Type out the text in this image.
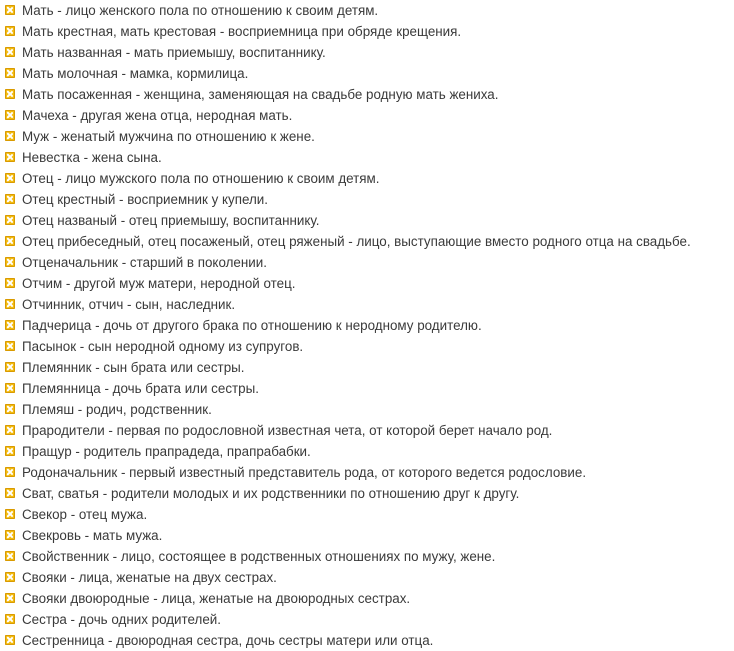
Мать - лицо женского пола по отношению к своим детям.
Мать крестная, мать крестовая - восприемница при обряде крещения.
Мать названная - мать приемышу, воспитаннику.
Мать молочная - мамка, кормилица.
Мать посаженная - женщина, заменяющая на свадьбе родную мать жениха.
Мачеха - другая жена отца, неродная мать.
Муж - женатый мужчина по отношению к жене.
Невестка - жена сына.
Отец - лицо мужского пола по отношению к своим детям.
Отец крестный - восприемник у купели.
Отец названый - отец приемышу, воспитаннику.
Отец прибеседный, отец посаженый, отец ряженый - лицо, выступающие вместо родного отца на свадьбе.
Отценачальник - старший в поколении.
Отчим - другой муж матери, неродной отец.
Отчинник, отчич - сын, наследник.
Падчерица - дочь от другого брака по отношению к неродному родителю.
Пасынок - сын неродной одному из супругов.
Племянник - сын брата или сестры.
Племянница - дочь брата или сестры.
Племяш - родич, родственник.
Прародители - первая по родословной известная чета, от которой берет начало род.
Пращур - родитель прапрадеда, прапрабабки.
Родоначальник - первый известный представитель рода, от которого ведется родословие.
Сват, сватья - родители молодых и их родственники по отношению друг к другу.
Свекор - отец мужа.
Свекровь - мать мужа.
Свойственник - лицо, состоящее в родственных отношениях по мужу, жене.
Свояки - лица, женатые на двух сестрах.
Свояки двоюродные - лица, женатые на двоюродных сестрах.
Сестра - дочь одних родителей.
Сестренница - двоюродная сестра, дочь сестры матери или отца.
